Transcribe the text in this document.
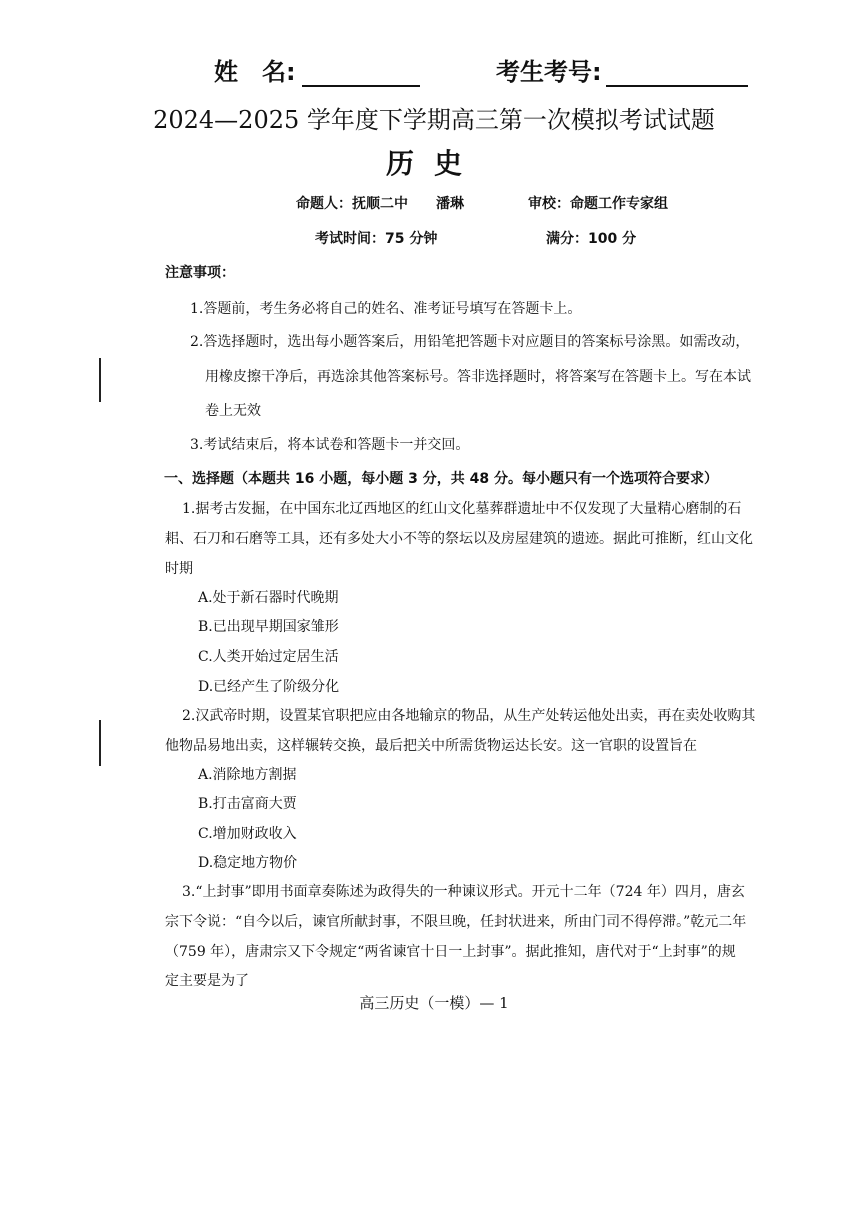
姓　名:	考生考号:
2024—2025 学年度下学期高三第一次模拟考试试题
历史
命题人：抚顺二中　　潘琳	审校：命题工作专家组
考试时间：75 分钟	满分：100 分
注意事项：
1.答题前，考生务必将自己的姓名、准考证号填写在答题卡上。
2.答选择题时，选出每小题答案后，用铅笔把答题卡对应题目的答案标号涂黑。如需改动，
用橡皮擦干净后，再选涂其他答案标号。答非选择题时，将答案写在答题卡上。写在本试
卷上无效
3.考试结束后，将本试卷和答题卡一并交回。
一、选择题（本题共 16 小题，每小题 3 分，共 48 分。每小题只有一个选项符合要求）
1.据考古发掘，在中国东北辽西地区的红山文化墓葬群遗址中不仅发现了大量精心磨制的石
耜、石刀和石磨等工具，还有多处大小不等的祭坛以及房屋建筑的遗迹。据此可推断，红山文化
时期
A.处于新石器时代晚期
B.已出现早期国家雏形
C.人类开始过定居生活
D.已经产生了阶级分化
2.汉武帝时期，设置某官职把应由各地输京的物品，从生产处转运他处出卖，再在卖处收购其
他物品易地出卖，这样辗转交换，最后把关中所需货物运达长安。这一官职的设置旨在
A.消除地方割据
B.打击富商大贾
C.增加财政收入
D.稳定地方物价
3.“上封事”即用书面章奏陈述为政得失的一种谏议形式。开元十二年（724 年）四月，唐玄
宗下令说：“自今以后，谏官所献封事，不限旦晚，任封状进来，所由门司不得停滞。”乾元二年
（759 年），唐肃宗又下令规定“两省谏官十日一上封事”。据此推知，唐代对于“上封事”的规
定主要是为了
高三历史（一模）— 1
